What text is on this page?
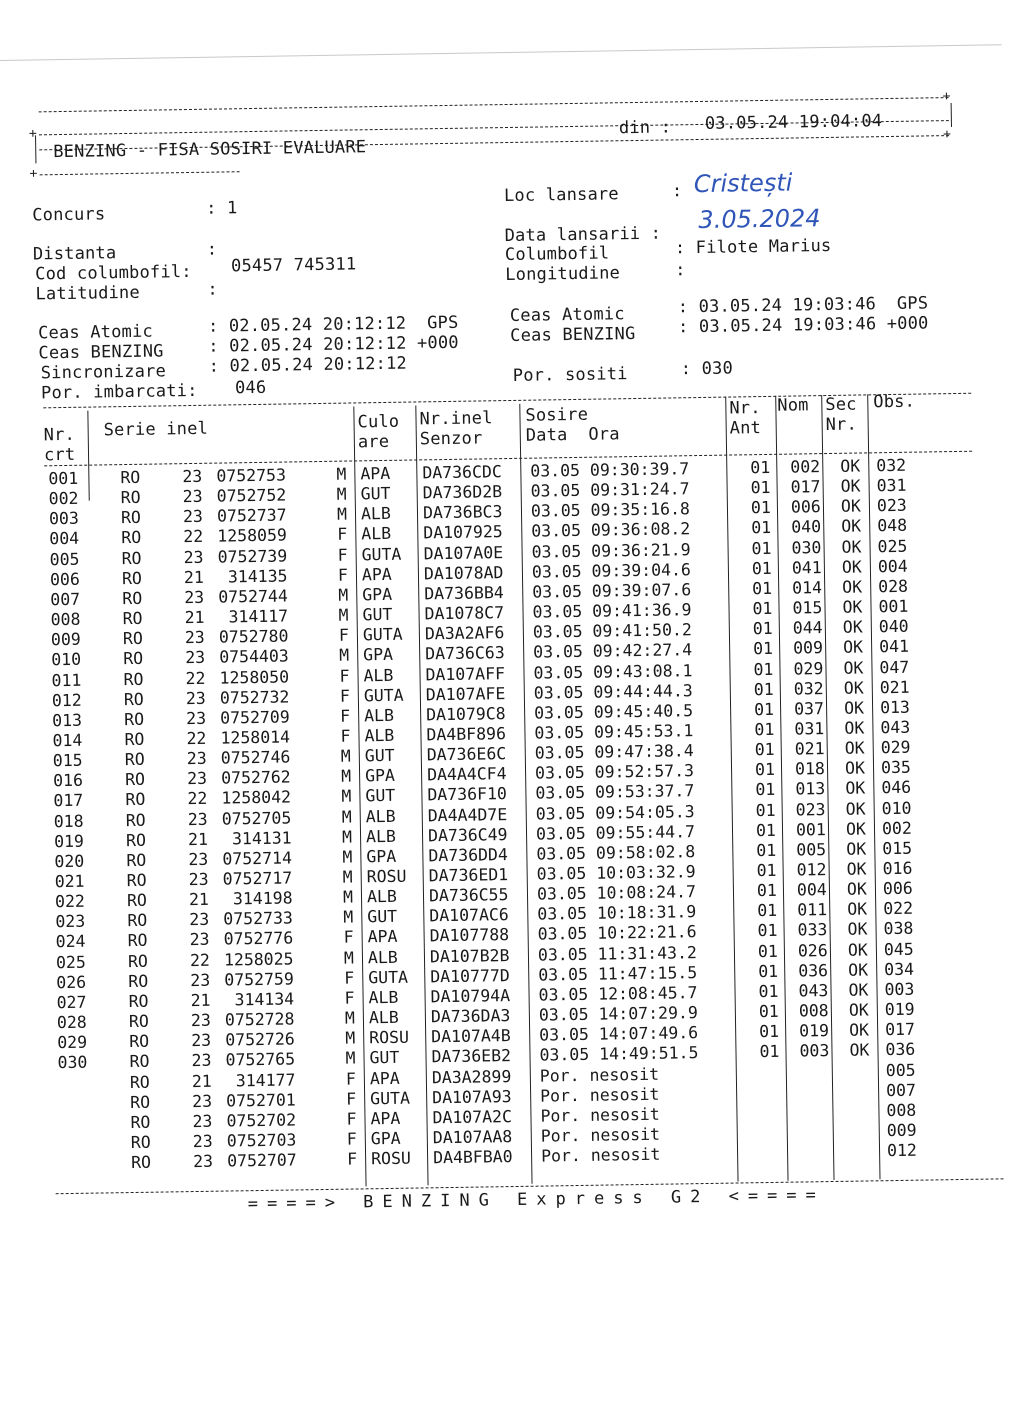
+
+
BENZING - FISA SOSIRI EVALUARE
din : 03.05.24 19:04:04
+
+
Concurs	: 1
Loc lansare	: Cristești
Distanta	:
Data lansarii :
3.05.2024
Cod columbofil: 05457 745311
Columbofil	: Filote Marius
Latitudine	:
Longitudine	:
Ceas Atomic	: 02.05.24 20:12:12  GPS	Ceas Atomic	: 03.05.24 19:03:46  GPS
Ceas BENZING	: 02.05.24 20:12:12 +000	Ceas BENZING : 03.05.24 19:03:46 +000
Sincronizare : 02.05.24 20:12:12
Por. imbarcati: 046
Por. sositi	: 030
Nr.
crt
Serie inel	Culo
are
Nr.inel
Senzor
Sosire
Data  Ora
Nr.
Ant
Nom Sec
Nr.
Obs.
001	RO	23 0752753	M APA DA736CDC 03.05 09:30:39.7	01 002 OK 032
002	RO	23 0752752	M GUT DA736D2B 03.05 09:31:24.7	01 017 OK 031
003	RO	23 0752737	M ALB DA736BC3 03.05 09:35:16.8	01 006 OK 023
004	RO	22 1258059	F ALB DA107925 03.05 09:36:08.2	01 040 OK 048
005	RO	23 0752739	F GUTA DA107A0E 03.05 09:36:21.9	01 030 OK 025
006	RO	21 314135	F APA DA1078AD 03.05 09:39:04.6	01 041 OK 004
007	RO	23 0752744	M GPA DA736BB4 03.05 09:39:07.6	01 014 OK 028
008	RO	21 314117	M GUT DA1078C7 03.05 09:41:36.9	01 015 OK 001
009	RO	23 0752780	F GUTA DA3A2AF6 03.05 09:41:50.2	01 044 OK 040
010	RO	23 0754403	M GPA DA736C63 03.05 09:42:27.4	01 009 OK 041
011	RO	22 1258050	F ALB DA107AFF 03.05 09:43:08.1	01 029 OK 047
012	RO	23 0752732	F GUTA DA107AFE 03.05 09:44:44.3	01 032 OK 021
013	RO	23 0752709	F ALB DA1079C8 03.05 09:45:40.5	01 037 OK 013
014	RO	22 1258014	F ALB DA4BF896 03.05 09:45:53.1	01 031 OK 043
015	RO	23 0752746	M GUT DA736E6C 03.05 09:47:38.4	01 021 OK 029
016	RO	23 0752762	M GPA DA4A4CF4 03.05 09:52:57.3	01 018 OK 035
017	RO	22 1258042	M GUT DA736F10 03.05 09:53:37.7	01 013 OK 046
018	RO	23 0752705	M ALB DA4A4D7E 03.05 09:54:05.3	01 023 OK 010
019	RO	21 314131	M ALB DA736C49 03.05 09:55:44.7	01 001 OK 002
020	RO	23 0752714	M GPA DA736DD4 03.05 09:58:02.8	01 005 OK 015
021	RO	23 0752717	M ROSU DA736ED1 03.05 10:03:32.9	01 012 OK 016
022	RO	21 314198	M ALB DA736C55 03.05 10:08:24.7	01 004 OK 006
023	RO	23 0752733	M GUT DA107AC6 03.05 10:18:31.9	01 011 OK 022
024	RO	23 0752776	F APA DA107788 03.05 10:22:21.6	01 033 OK 038
025	RO	22 1258025	M ALB DA107B2B 03.05 11:31:43.2	01 026 OK 045
026	RO	23 0752759	F GUTA DA10777D 03.05 11:47:15.5	01 036 OK 034
027	RO	21 314134	F ALB DA10794A 03.05 12:08:45.7	01 043 OK 003
028	RO	23 0752728	M ALB DA736DA3 03.05 14:07:29.9	01 008 OK 019
029	RO	23 0752726	M ROSU DA107A4B 03.05 14:07:49.6	01 019 OK 017
030	RO	23 0752765	M GUT DA736EB2 03.05 14:49:51.5	01 003 OK 036
RO	21 314177	F APA DA3A2899 Por. nesosit	005
RO	23 0752701	F GUTA DA107A93 Por. nesosit	007
RO	23 0752702	F APA DA107A2C Por. nesosit	008
RO	23 0752703	F GPA DA107AA8 Por. nesosit	009
RO	23 0752707	F ROSU DA4BFBA0 Por. nesosit	012
====> BENZING Express G2 <====
